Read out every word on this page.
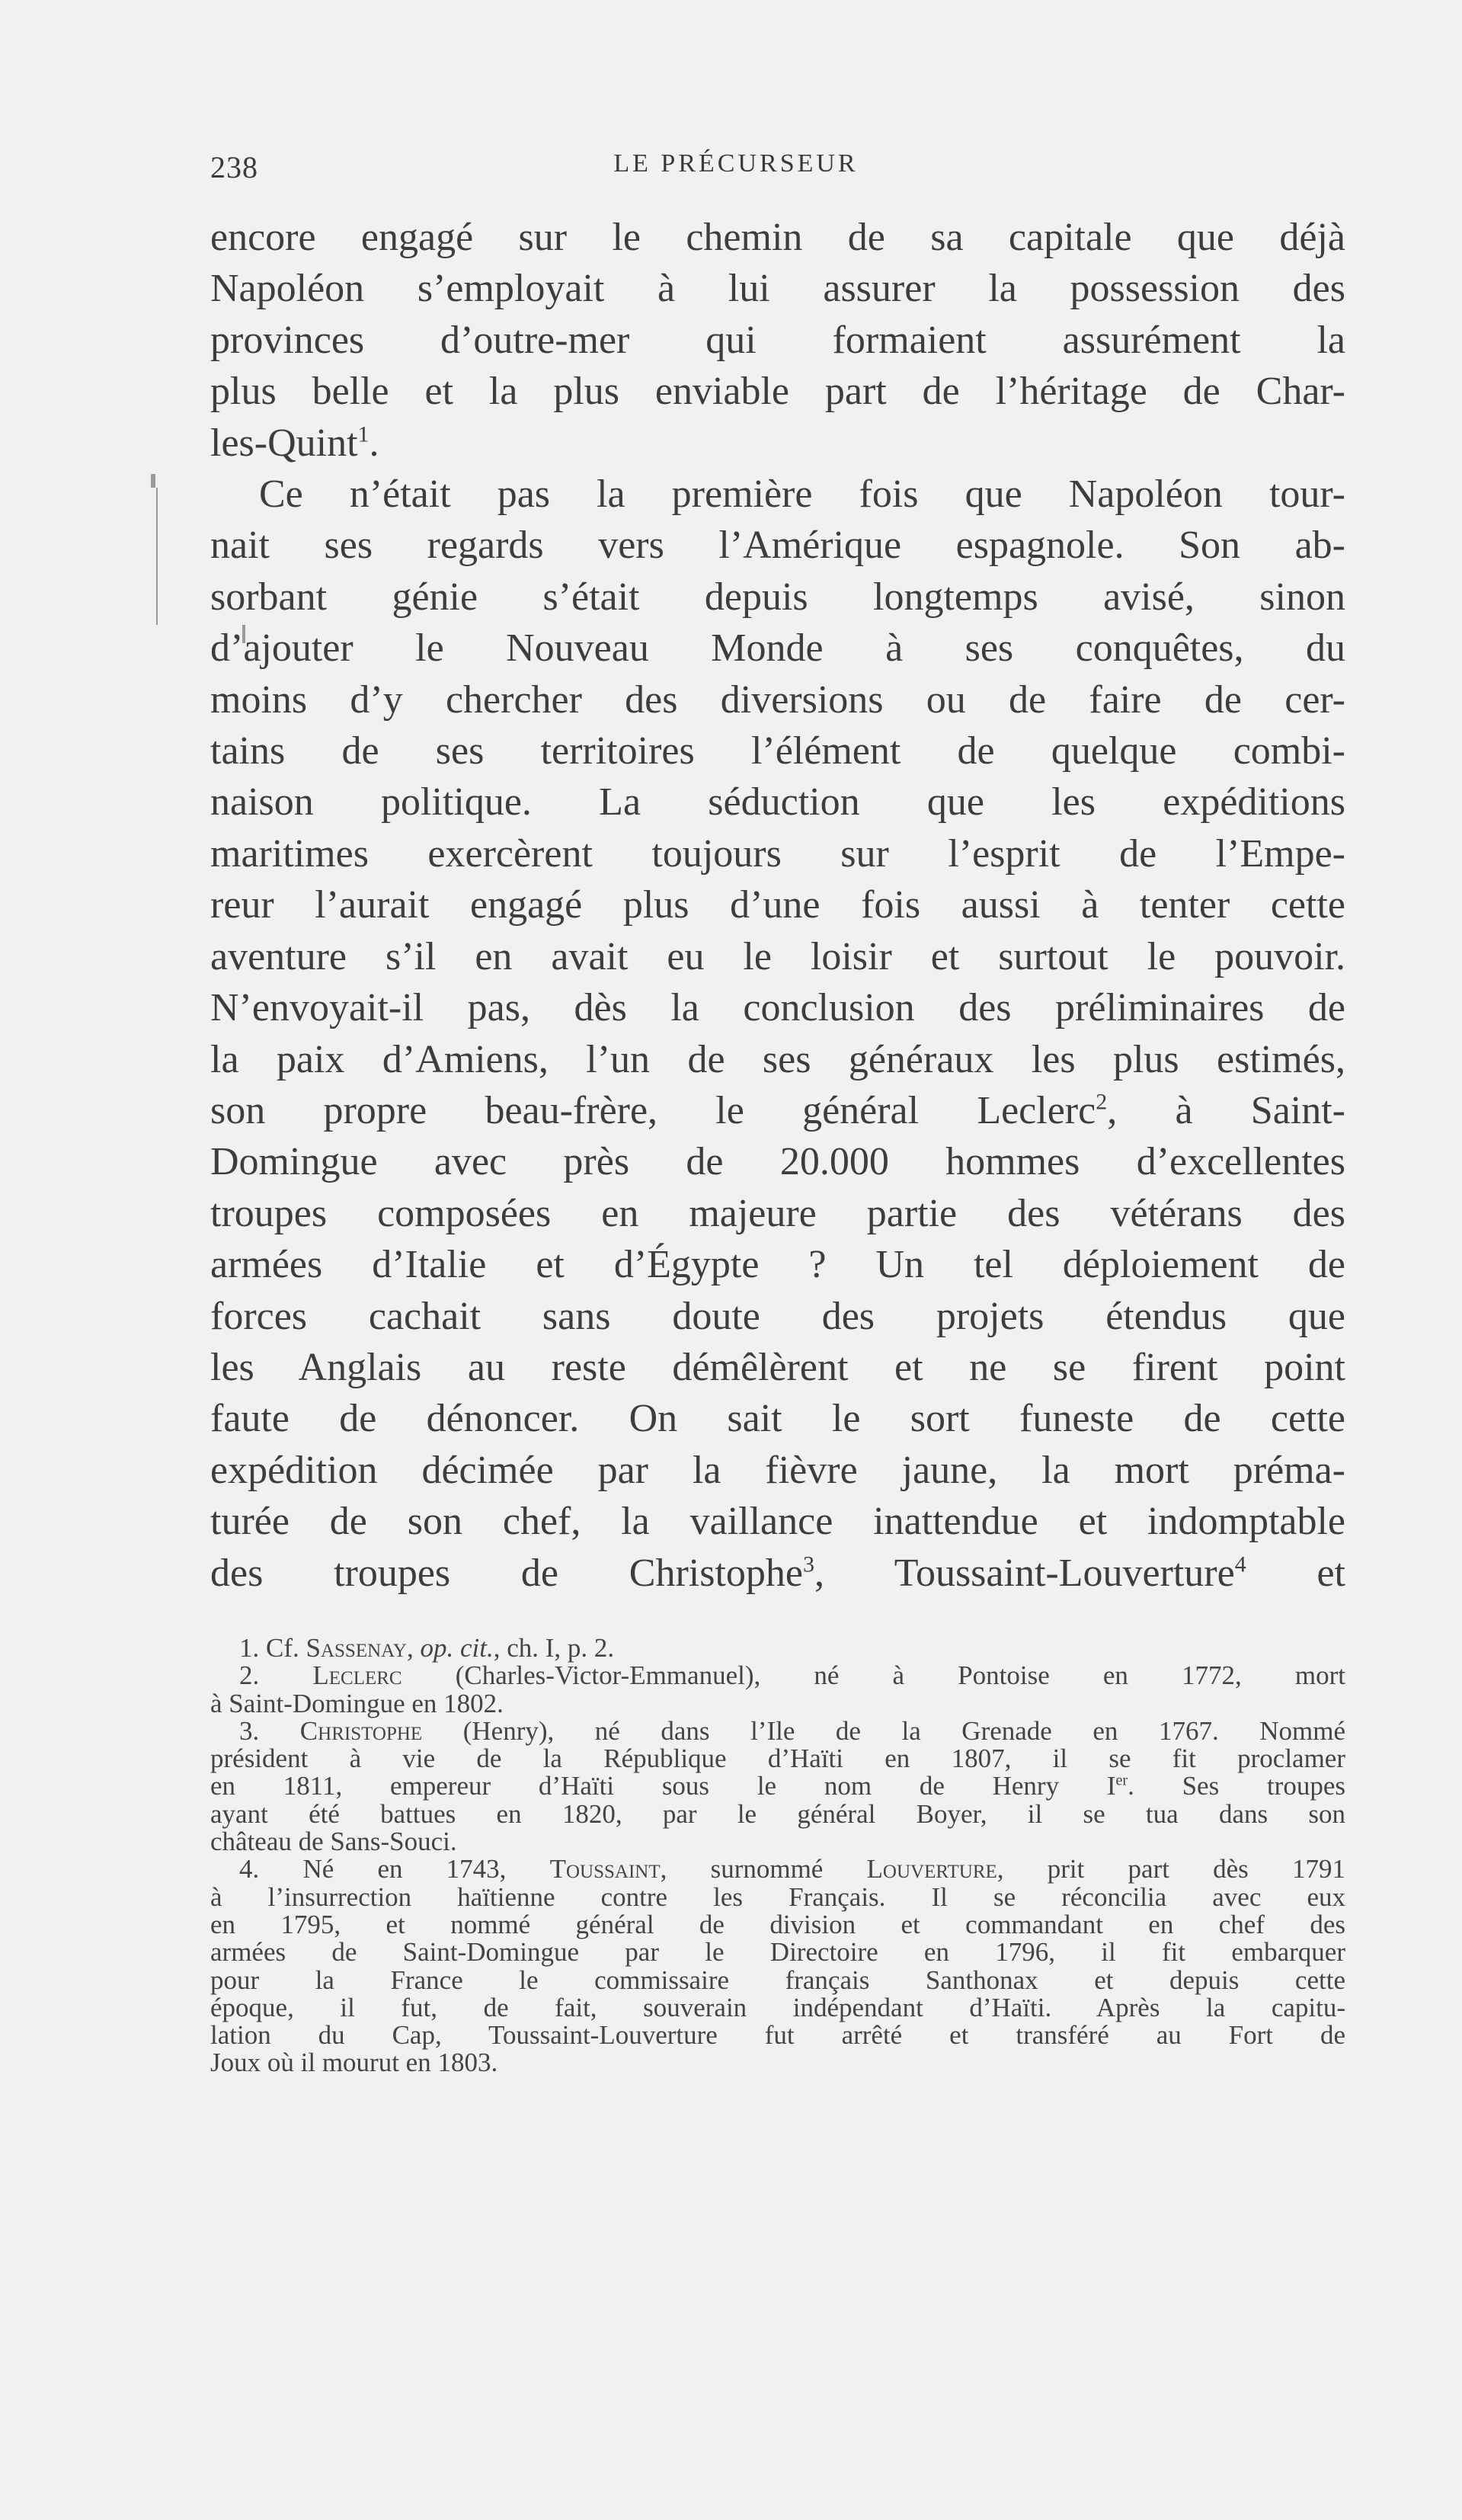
238	LE PRÉCURSEUR

encore engagé sur le chemin de sa capitale que déjà

Napoléon s’employait à lui assurer la possession des

provinces d’outre-mer qui formaient assurément la

plus belle et la plus enviable part de l’héritage de Char-

les-Quint$^1$.

Ce n’était pas la première fois que Napoléon tour-

nait ses regards vers l’Amérique espagnole. Son ab-

sorbant génie s’était depuis longtemps avisé, sinon

d’ajouter le Nouveau Monde à ses conquêtes, du

moins d’y chercher des diversions ou de faire de cer-

tains de ses territoires l’élément de quelque combi-

naison politique. La séduction que les expéditions

maritimes exercèrent toujours sur l’esprit de l’Empe-

reur l’aurait engagé plus d’une fois aussi à tenter cette

aventure s’il en avait eu le loisir et surtout le pouvoir.

N’envoyait-il pas, dès la conclusion des préliminaires de

la paix d’Amiens, l’un de ses généraux les plus estimés,

son propre beau-frère, le général Leclerc$^2$, à Saint-

Domingue avec près de 20.000 hommes d’excellentes

troupes composées en majeure partie des vétérans des

armées d’Italie et d’Égypte ? Un tel déploiement de

forces cachait sans doute des projets étendus que

les Anglais au reste démêlèrent et ne se firent point

faute de dénoncer. On sait le sort funeste de cette

expédition décimée par la fièvre jaune, la mort préma-

turée de son chef, la vaillance inattendue et indomptable

des troupes de Christophe$^3$, Toussaint-Louverture$^4$ et

1. Cf. Sassenay, op. cit., ch. I, p. 2.

2. Leclerc (Charles-Victor-Emmanuel), né à Pontoise en 1772, mort

à Saint-Domingue en 1802.

3. Christophe (Henry), né dans l’Ile de la Grenade en 1767. Nommé

président à vie de la République d’Haïti en 1807, il se fit proclamer

en 1811, empereur d’Haïti sous le nom de Henry Ier. Ses troupes

ayant été battues en 1820, par le général Boyer, il se tua dans son

château de Sans-Souci.

4. Né en 1743, Toussaint, surnommé Louverture, prit part dès 1791

à l’insurrection haïtienne contre les Français. Il se réconcilia avec eux

en 1795, et nommé général de division et commandant en chef des

armées de Saint-Domingue par le Directoire en 1796, il fit embarquer

pour la France le commissaire français Santhonax et depuis cette

époque, il fut, de fait, souverain indépendant d’Haïti. Après la capitu-

lation du Cap, Toussaint-Louverture fut arrêté et transféré au Fort de

Joux où il mourut en 1803.
